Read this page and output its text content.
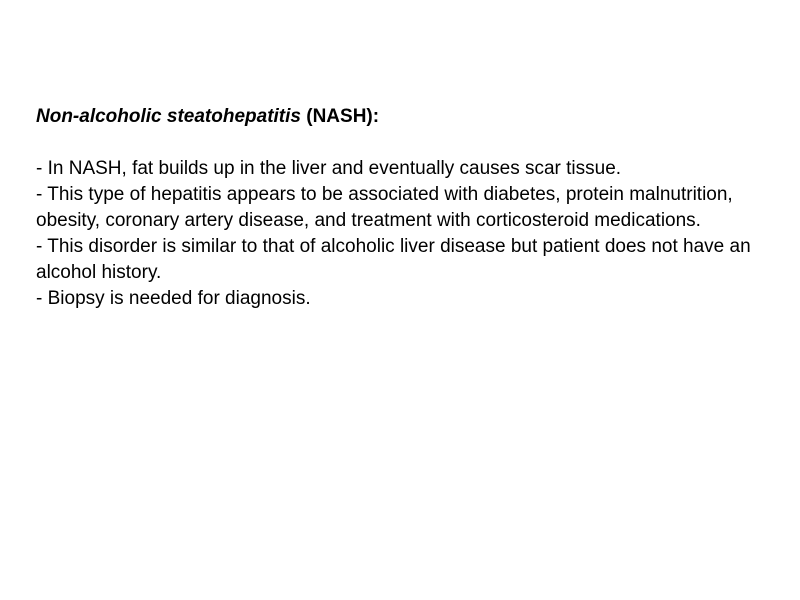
Non-alcoholic steatohepatitis (NASH):

- In NASH, fat builds up in the liver and eventually causes scar tissue.

- This type of hepatitis appears to be associated with diabetes, protein malnutrition, obesity, coronary artery disease, and treatment with corticosteroid medications.

- This disorder is similar to that of alcoholic liver disease but patient does not have an alcohol history.

- Biopsy is needed for diagnosis.
